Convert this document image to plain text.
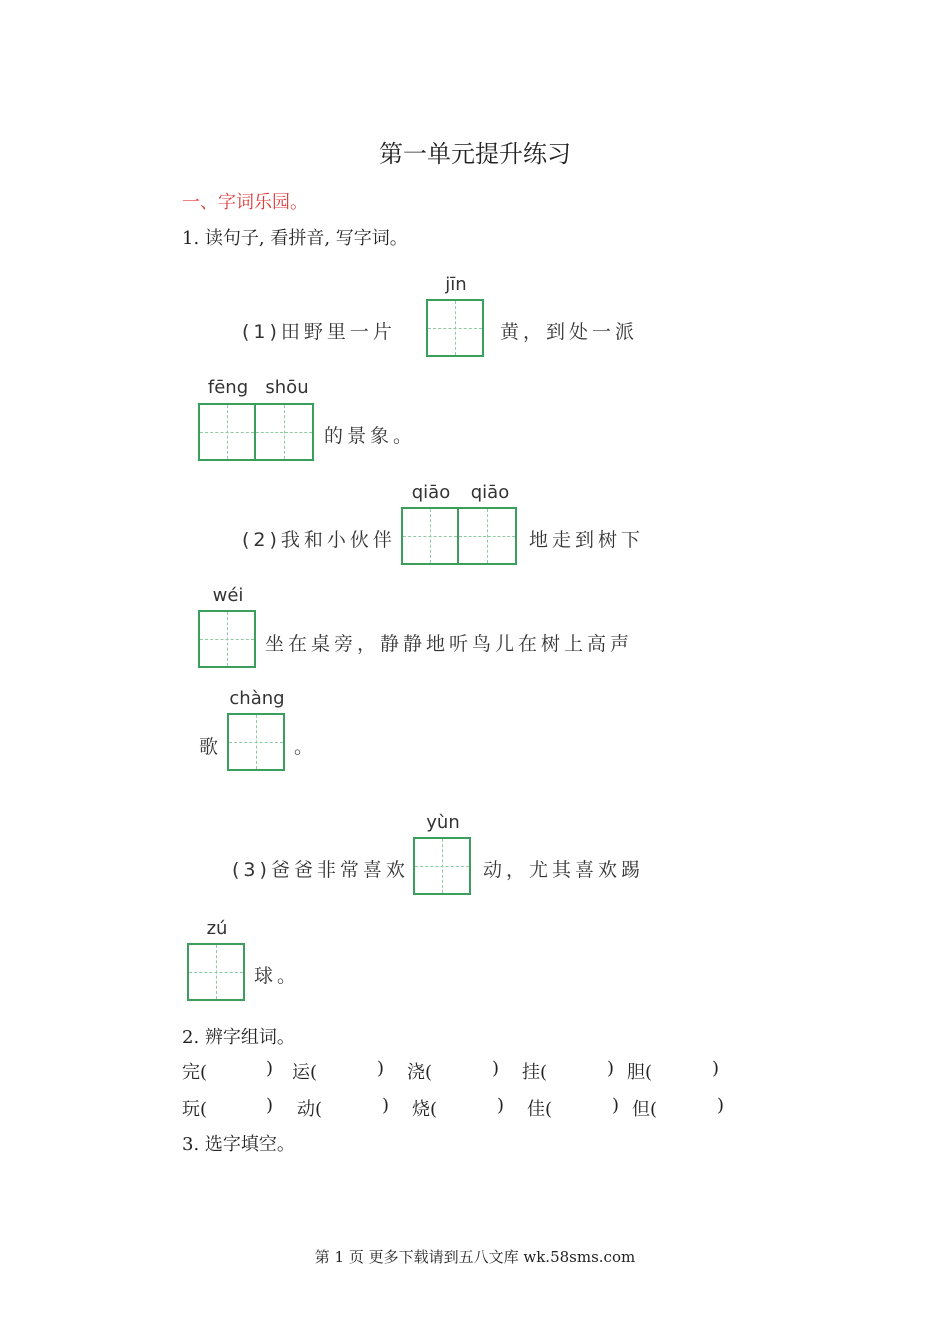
第一单元提升练习
一、字词乐园。
1. 读句子, 看拼音, 写字词。
jīn
(1)田野里一片	黄，到处一派
fēng shōu
的景象。
qiāo	qiāo
(2)我和小伙伴	地走到树下
wéi
坐在桌旁，静静地听鸟儿在树上高声
chàng
歌	。
yùn
(3)爸爸非常喜欢	动，尤其喜欢踢
zú
球。
2. 辨字组词。
完(	) 运(	) 浇(	) 挂(	) 胆(	)
玩(	) 动(	) 烧(	) 佳(	) 但(	)
3. 选字填空。
第 1 页 更多下载请到五八文库 wk.58sms.com
